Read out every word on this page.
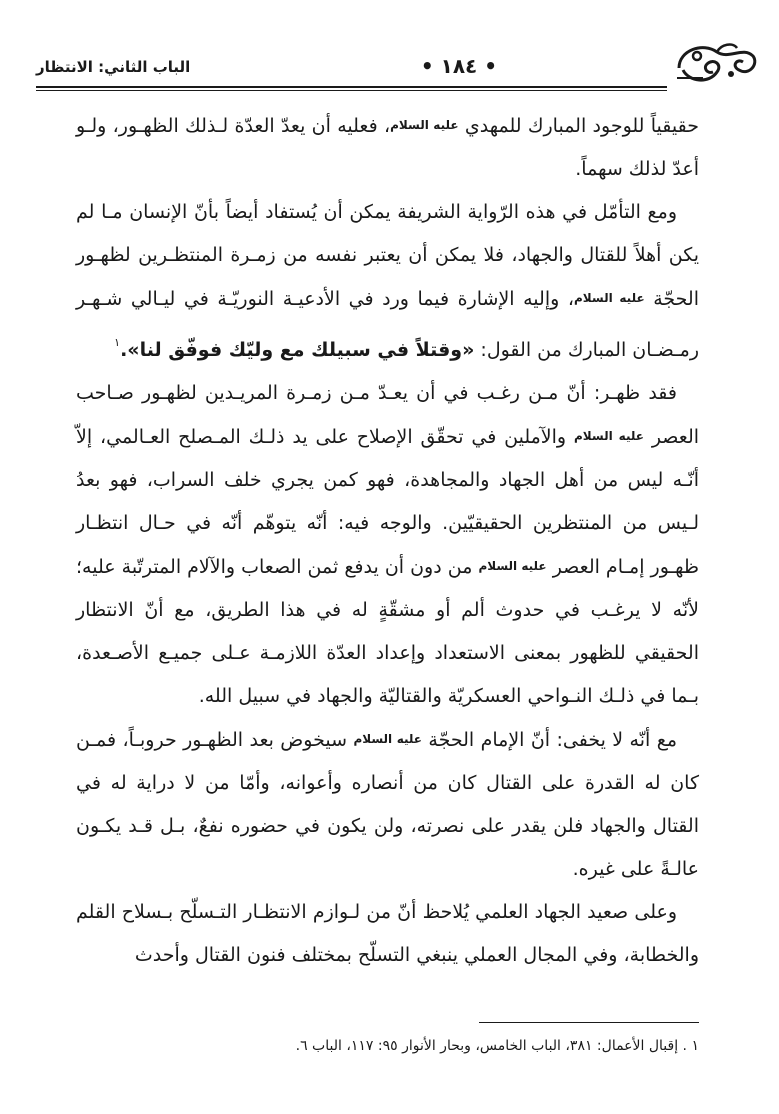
• ١٨٤ •
الباب الثاني: الانتظار

حقيقياً للوجود المبارك للمهدي عليه السلام، فعليه أن يعدّ العدّة لـذلك الظهـور، ولـو أعدّ لذلك سهماً.

ومع التأمّل في هذه الرّواية الشريفة يمكن أن يُستفاد أيضاً بأنّ الإنسان مـا لم يكن أهلاً للقتال والجهاد، فلا يمكن أن يعتبر نفسه من زمـرة المنتظـرين لظهـور الحجّة عليه السلام، وإليه الإشارة فيما ورد في الأدعيـة النوريّـة في ليـالي شـهـر رمـضـان المبارك من القول: «وقتلاً في سبيلك مع وليّك فوفّق لنا».$^١$

فقد ظهـر: أنّ مـن رغـب في أن يعـدّ مـن زمـرة المريـدين لظهـور صـاحب العصر عليه السلام والآملين في تحقّق الإصلاح على يد ذلـك المـصلح العـالمي، إلاّ أنّـه ليس من أهل الجهاد والمجاهدة، فهو كمن يجري خلف السراب، فهو بعدُ لـيس من المنتظرين الحقيقيّين. والوجه فيه: أنّه يتوهّم أنّه في حـال انتظـار ظهـور إمـام العصر عليه السلام من دون أن يدفع ثمن الصعاب والآلام المترتّبة عليه؛ لأنّه لا يرغـب في حدوث ألم أو مشقّةٍ له في هذا الطريق، مع أنّ الانتظار الحقيقي للظهور بمعنى الاستعداد وإعداد العدّة اللازمـة عـلى جميـع الأصـعدة، بـما في ذلـك النـواحي العسكريّة والقتاليّة والجهاد في سبيل الله.

مع أنّه لا يخفى: أنّ الإمام الحجّة عليه السلام سيخوض بعد الظهـور حروبـاً، فمـن كان له القدرة على القتال كان من أنصاره وأعوانه، وأمّا من لا دراية له في القتال والجهاد فلن يقدر على نصرته، ولن يكون في حضوره نفعٌ، بـل قـد يكـون عالـةً على غيره.

وعلى صعيد الجهاد العلمي يُلاحظ أنّ من لـوازم الانتظـار التـسلّح بـسلاح القلم والخطابة، وفي المجال العملي ينبغي التسلّح بمختلف فنون القتال وأحدث

١ . إقبال الأعمال: ٣٨١، الباب الخامس، وبحار الأنوار ٩٥: ١١٧، الباب ٦.
